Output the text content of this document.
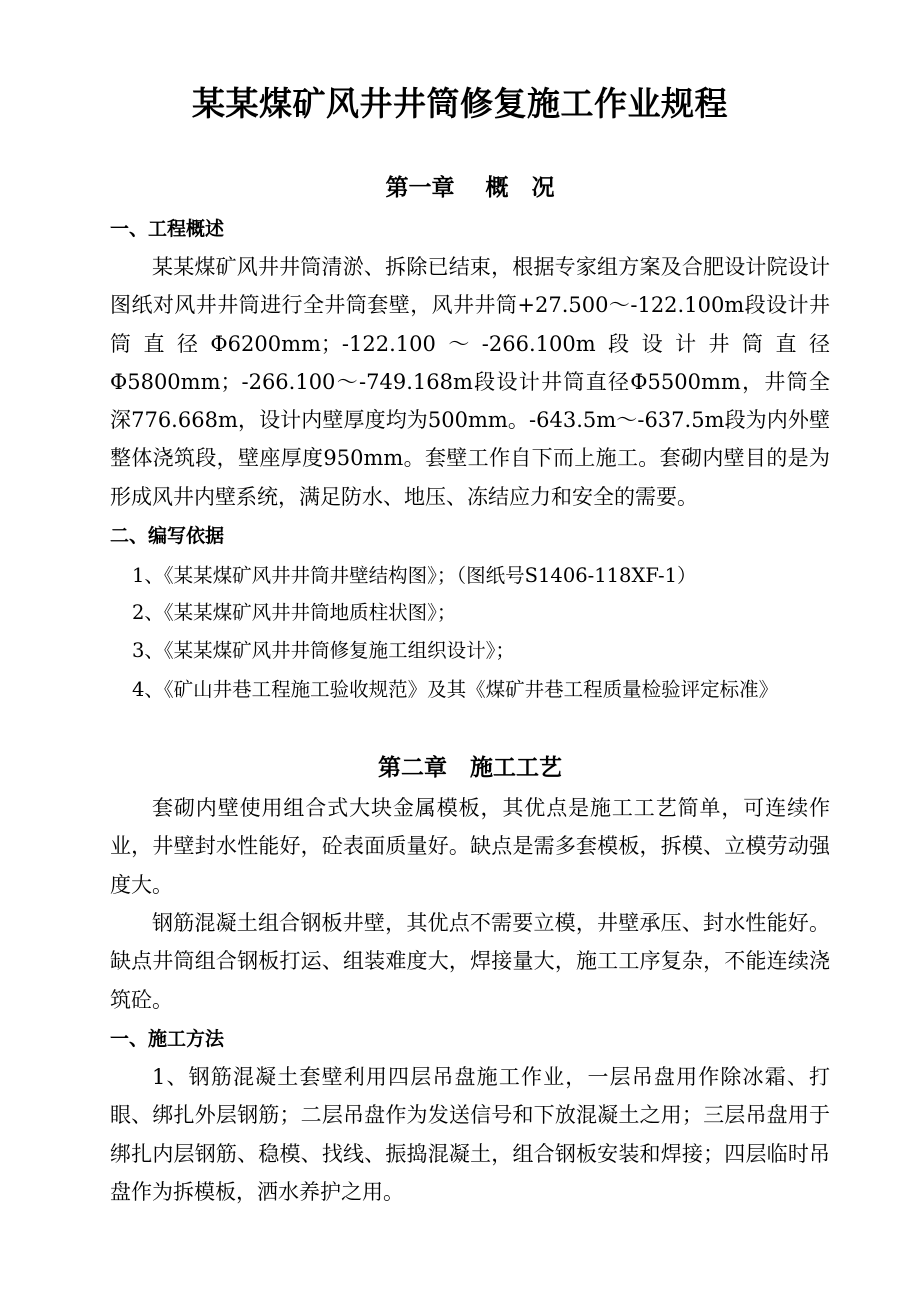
某某煤矿风井井筒修复施工作业规程
第一章　 概　况
一、工程概述

某某煤矿风井井筒清淤、拆除已结束，根据专家组方案及合肥设计院设计图纸对风井井筒进行全井筒套壁，风井井筒+27.500～-122.100m段设计井筒直径Φ6200mm；-122.100～-266.100m段设计井筒直径Φ5800mm；-266.100～-749.168m段设计井筒直径Φ5500mm，井筒全深776.668m，设计内壁厚度均为500mm。-643.5m～-637.5m段为内外壁整体浇筑段，壁座厚度950mm。套壁工作自下而上施工。套砌内壁目的是为形成风井内壁系统，满足防水、地压、冻结应力和安全的需要。

二、编写依据
1、《某某煤矿风井井筒井壁结构图》；（图纸号S1406-118XF-1）
2、《某某煤矿风井井筒地质柱状图》；
3、《某某煤矿风井井筒修复施工组织设计》；
4、《矿山井巷工程施工验收规范》及其《煤矿井巷工程质量检验评定标准》
第二章　施工工艺

套砌内壁使用组合式大块金属模板，其优点是施工工艺简单，可连续作业，井壁封水性能好，砼表面质量好。缺点是需多套模板，拆模、立模劳动强度大。

钢筋混凝土组合钢板井壁，其优点不需要立模，井壁承压、封水性能好。缺点井筒组合钢板打运、组装难度大，焊接量大，施工工序复杂，不能连续浇筑砼。

一、施工方法

1、钢筋混凝土套壁利用四层吊盘施工作业，一层吊盘用作除冰霜、打眼、绑扎外层钢筋；二层吊盘作为发送信号和下放混凝土之用；三层吊盘用于绑扎内层钢筋、稳模、找线、振捣混凝土，组合钢板安装和焊接；四层临时吊盘作为拆模板，洒水养护之用。
